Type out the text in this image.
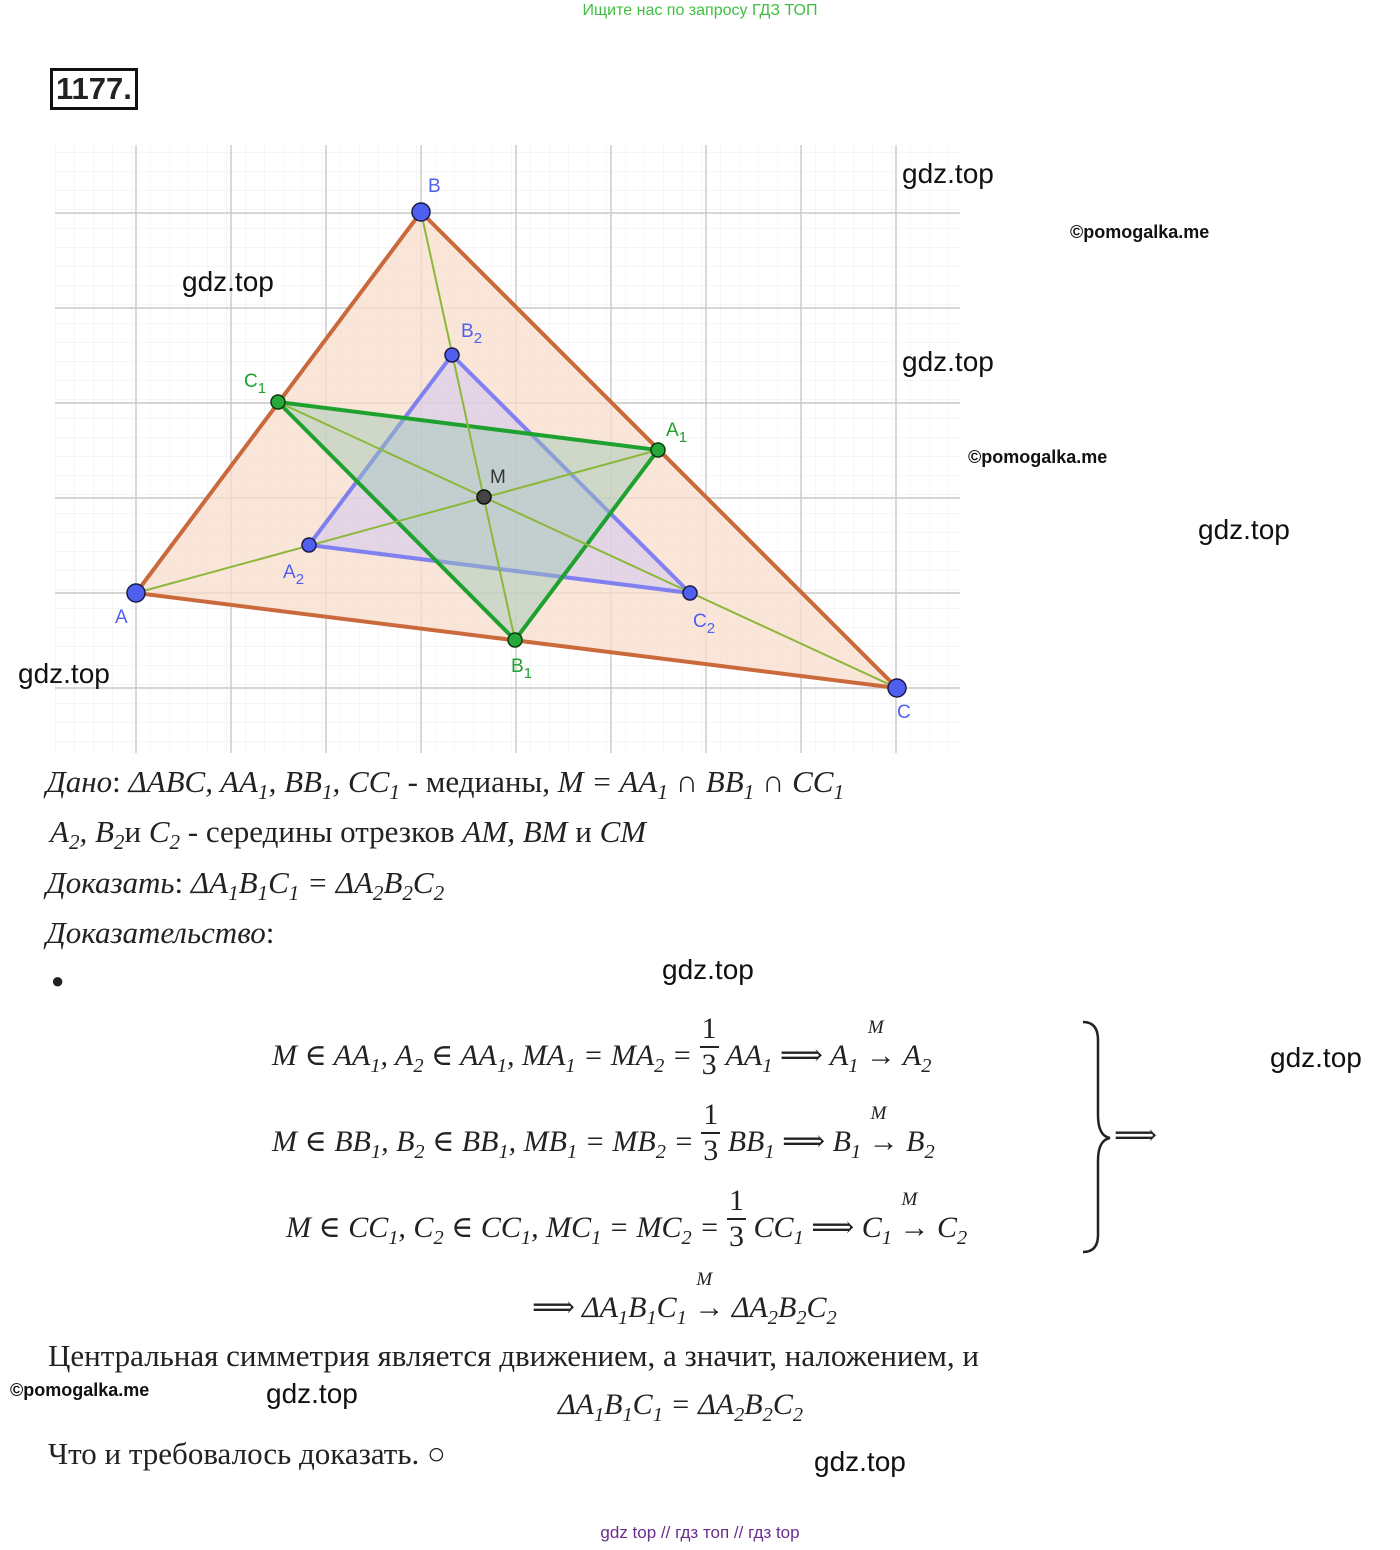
Ищите нас по запросу ГДЗ ТОП
1177.
A
B
C
$A_2$
$B_2$
$C_2$
$A_1$
$B_1$
$C_1$
M
gdz.top
©pomogalka.me
gdz.top
gdz.top
©pomogalka.me
gdz.top
gdz.top
gdz.top
gdz.top
©pomogalka.me	gdz.top
gdz.top
Дано: ΔABC, $AA_1$, $BB_1$, $CC_1$ - медианы, $M = AA_1$ ∩ $BB_1$ ∩ $CC_1$
$A_2$, $B_2и$ $C_2$ - середины отрезков AM, BM и CM
Доказать: $\Delta A_1B_1C_1 = \Delta A_2B_2C_2$
Доказательство:
●
M ∈ $AA_1$, $A_2$ ∈ $AA_1$, $MA_1 = MA_2 = \frac{1}{3} AA_1$ ⟹ $A_1$
M
→ $A_2$
M ∈ $BB_1$, $B_2$ ∈ $BB_1$, $MB_1 = MB_2 = \frac{1}{3} BB_1$ ⟹ $B_1$
M
→ $B_2$
M ∈ $CC_1$, $C_2$ ∈ $CC_1$, $MC_1 = MC_2 = \frac{1}{3} CC_1$ ⟹ $C_1$
M
→ $C_2$
⟹
⟹ $\Delta A_1B_1C_1$
M
→ $\Delta A_2B_2C_2$
Центральная симметрия является движением, а значит, наложением, и
$\Delta A_1B_1C_1 = \Delta A_2B_2C_2$
Что и требовалось доказать. ○
gdz top // гдз топ // гдз top
